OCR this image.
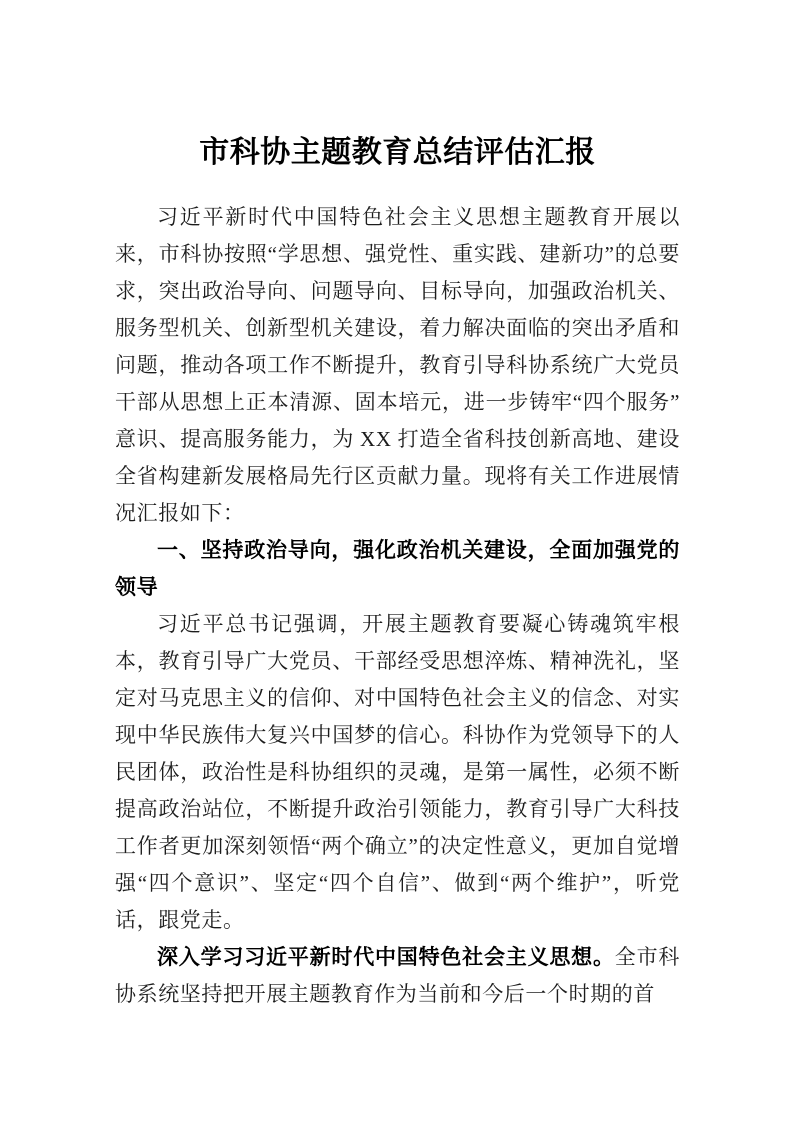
市科协主题教育总结评估汇报

习近平新时代中国特色社会主义思想主题教育开展以来，市科协按照“学思想、强党性、重实践、建新功”的总要求，突出政治导向、问题导向、目标导向，加强政治机关、服务型机关、创新型机关建设，着力解决面临的突出矛盾和问题，推动各项工作不断提升，教育引导科协系统广大党员干部从思想上正本清源、固本培元，进一步铸牢“四个服务”意识、提高服务能力，为 XX 打造全省科技创新高地、建设全省构建新发展格局先行区贡献力量。现将有关工作进展情况汇报如下：

一、坚持政治导向，强化政治机关建设，全面加强党的领导

习近平总书记强调，开展主题教育要凝心铸魂筑牢根本，教育引导广大党员、干部经受思想淬炼、精神洗礼，坚定对马克思主义的信仰、对中国特色社会主义的信念、对实现中华民族伟大复兴中国梦的信心。科协作为党领导下的人民团体，政治性是科协组织的灵魂，是第一属性，必须不断提高政治站位，不断提升政治引领能力，教育引导广大科技工作者更加深刻领悟“两个确立”的决定性意义，更加自觉增强“四个意识”、坚定“四个自信”、做到“两个维护”，听党话，跟党走。

深入学习习近平新时代中国特色社会主义思想。全市科协系统坚持把开展主题教育作为当前和今后一个时期的首
